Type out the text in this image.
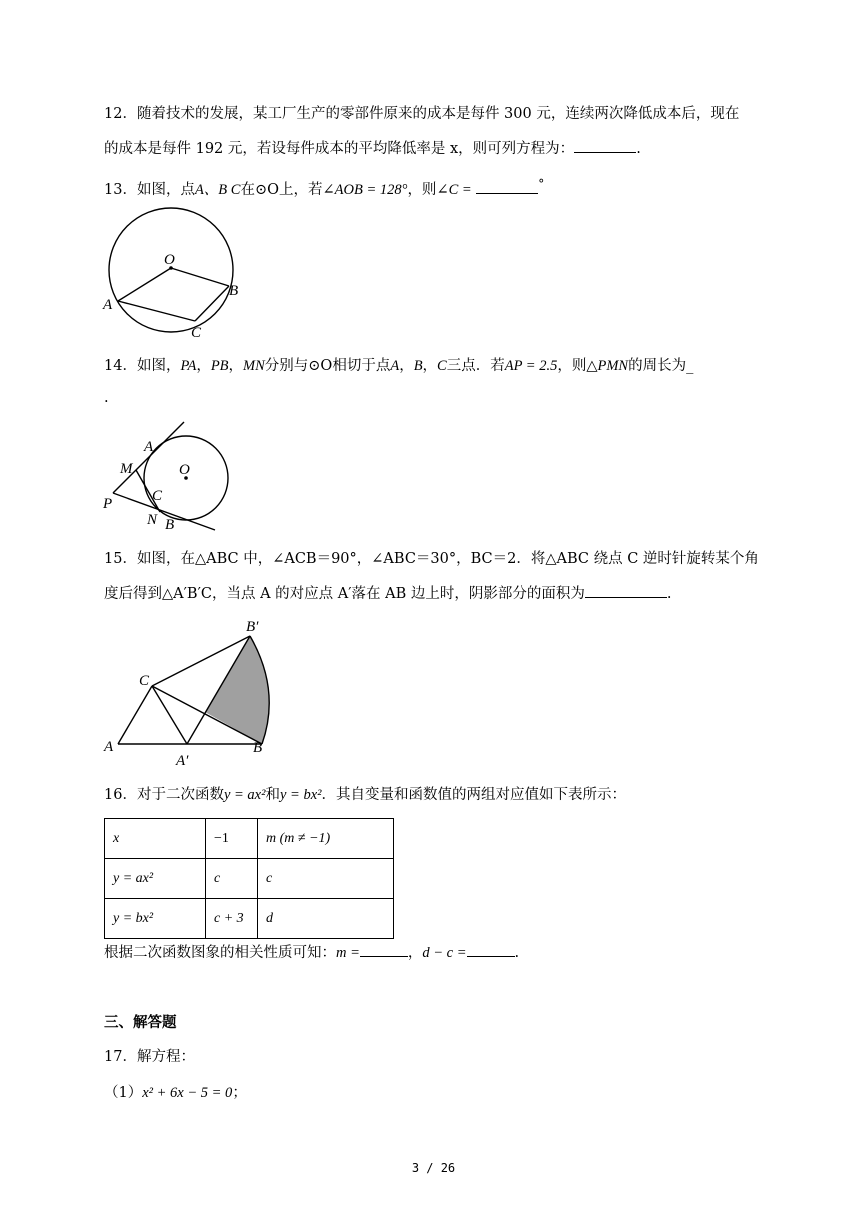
12．随着技术的发展，某工厂生产的零部件原来的成本是每件 300 元，连续两次降低成本后，现在
的成本是每件 192 元，若设每件成本的平均降低率是 x，则可列方程为：	.
13．如图，点A、B C在⊙O上，若∠AOB = 128°，则∠C =	°
O
A
B
C
14．如图，PA，PB，MN分别与⊙O相切于点A，B，C三点．若AP = 2.5，则△PMN的周长为_
.
A
M	O
P	C
N B
15．如图，在△ABC 中，∠ACB＝90°，∠ABC＝30°，BC＝2．将△ABC 绕点 C 逆时针旋转某个角
度后得到△A′B′C，当点 A 的对应点 A′落在 AB 边上时，阴影部分的面积为	.
B′
C
A
A′
B
16．对于二次函数y = ax²和y = bx²．其自变量和函数值的两组对应值如下表所示：
x	−1	m (m ≠ −1)
y = ax²	c	c
y = bx²	c + 3	d
根据二次函数图象的相关性质可知：m =	，d − c =	.
三、解答题
17．解方程：
（1）x² + 6x − 5 = 0；
3 / 26
